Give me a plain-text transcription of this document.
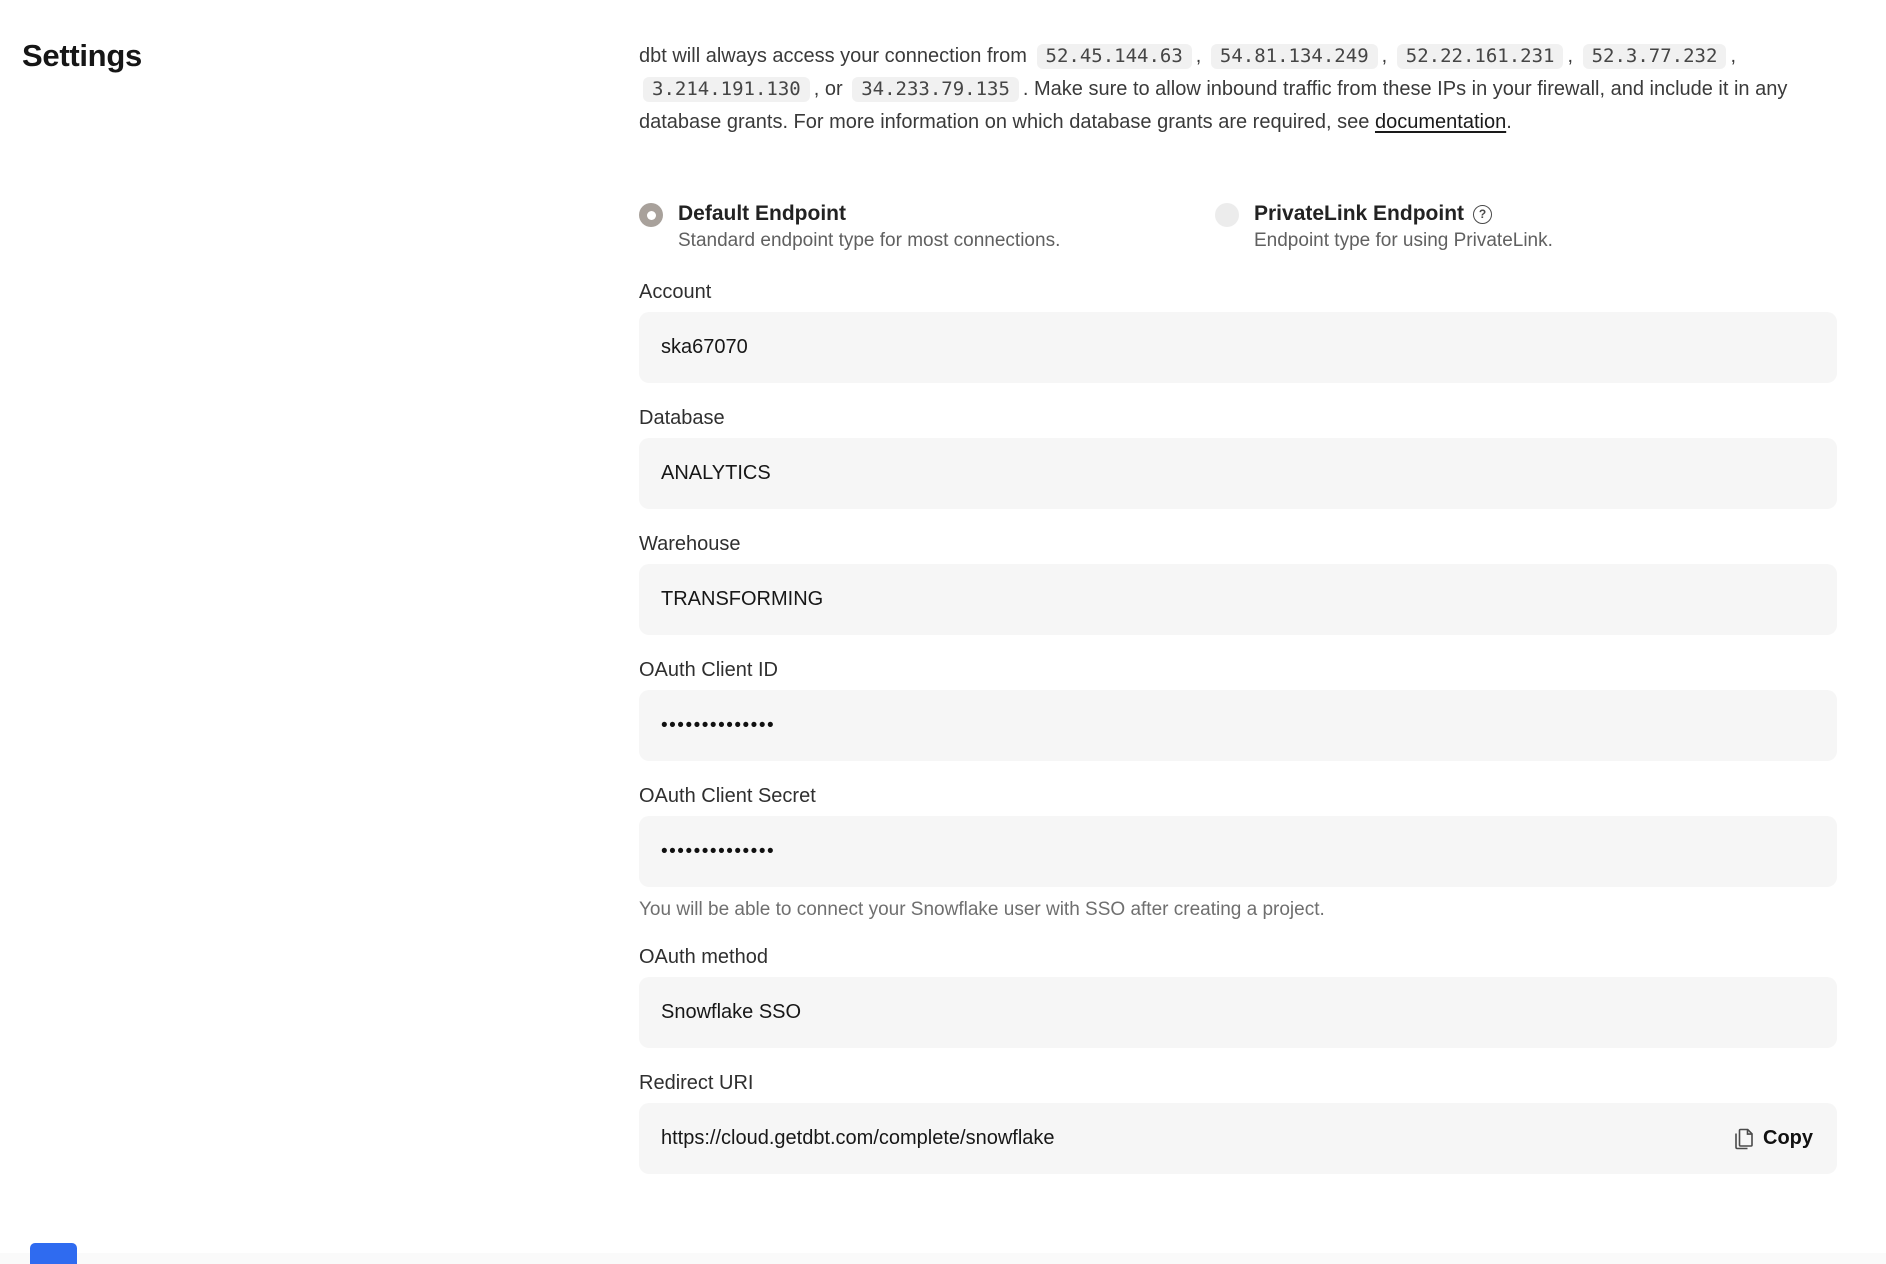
Settings	dbt will always access your connection from 52.45.144.63 , 54.81.134.249 , 52.22.161.231 , 52.3.77.232 , 3.214.191.130 , or 34.233.79.135 . Make sure to allow inbound traffic from these IPs in your firewall, and include it in any database grants. For more information on which database grants are required, see documentation.

Default Endpoint
Standard endpoint type for most connections.
PrivateLink Endpoint	?
Endpoint type for using PrivateLink.
Account
ska67070
Database
ANALYTICS
Warehouse
TRANSFORMING
OAuth Client ID
••••••••••••••
OAuth Client Secret
••••••••••••••

You will be able to connect your Snowflake user with SSO after creating a project.

OAuth method
Snowflake SSO
Redirect URI
https://cloud.getdbt.com/complete/snowflake	Copy
